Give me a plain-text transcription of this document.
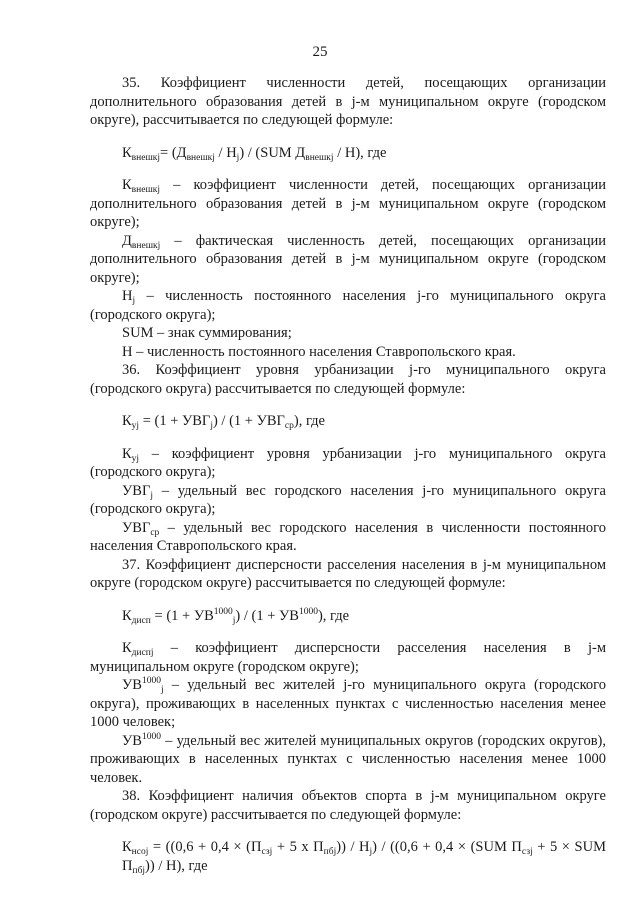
25

35. Коэффициент численности детей, посещающих организации дополнительного образования детей в j-м муниципальном округе (городском округе), рассчитывается по следующей формуле:

$К_{внешкj}= (Д_{внешкj} / H_j) / (SUM$ $Д_{внешкj} / H$), где

$К_{внешкj}$ – коэффициент численности детей, посещающих организации дополнительного образования детей в j-м муниципальном округе (городском округе);

$Д_{внешкj}$ – фактическая численность детей, посещающих организации дополнительного образования детей в j-м муниципальном округе (городском округе);

$H_j$ – численность постоянного населения j-го муниципального округа (городского округа);

SUM – знак суммирования;

H – численность постоянного населения Ставропольского края.

36. Коэффициент уровня урбанизации j-го муниципального округа (городского округа) рассчитывается по следующей формуле:

$К_{уj} = (1 + УВГ_j) / (1 + УВГ_{ср})$, где

$К_{уj}$ – коэффициент уровня урбанизации j-го муниципального округа (городского округа);

$УВГ_j$ – удельный вес городского населения j-го муниципального округа (городского округа);

$УВГ_{ср}$ – удельный вес городского населения в численности постоянного населения Ставропольского края.

37. Коэффициент дисперсности расселения населения в j-м муниципальном округе (городском округе) рассчитывается по следующей формуле:

$К_{дисп} = (1 + УВ^{1000}_j) / (1 + УВ^{1000})$, где

$К_{диспj}$ – коэффициент дисперсности расселения населения в j-м муниципальном округе (городском округе);

$УВ^{1000}_j$ – удельный вес жителей j-го муниципального округа (городского округа), проживающих в населенных пунктах с численностью населения менее 1000 человек;

$УВ^{1000}$ – удельный вес жителей муниципальных округов (городских округов), проживающих в населенных пунктах с численностью населения менее 1000 человек.

38. Коэффициент наличия объектов спорта в j-м муниципальном округе (городском округе) рассчитывается по следующей формуле:

$К_{нсоj} = ((0,6 + 0,4 \times (П_{сзj} + 5$ x $П_{пбj})) / H_j) / ((0,6 + 0,4 \times (SUM$ $П_{сзj} + 5$ × SUM $П_{пбj})) / H$), где
